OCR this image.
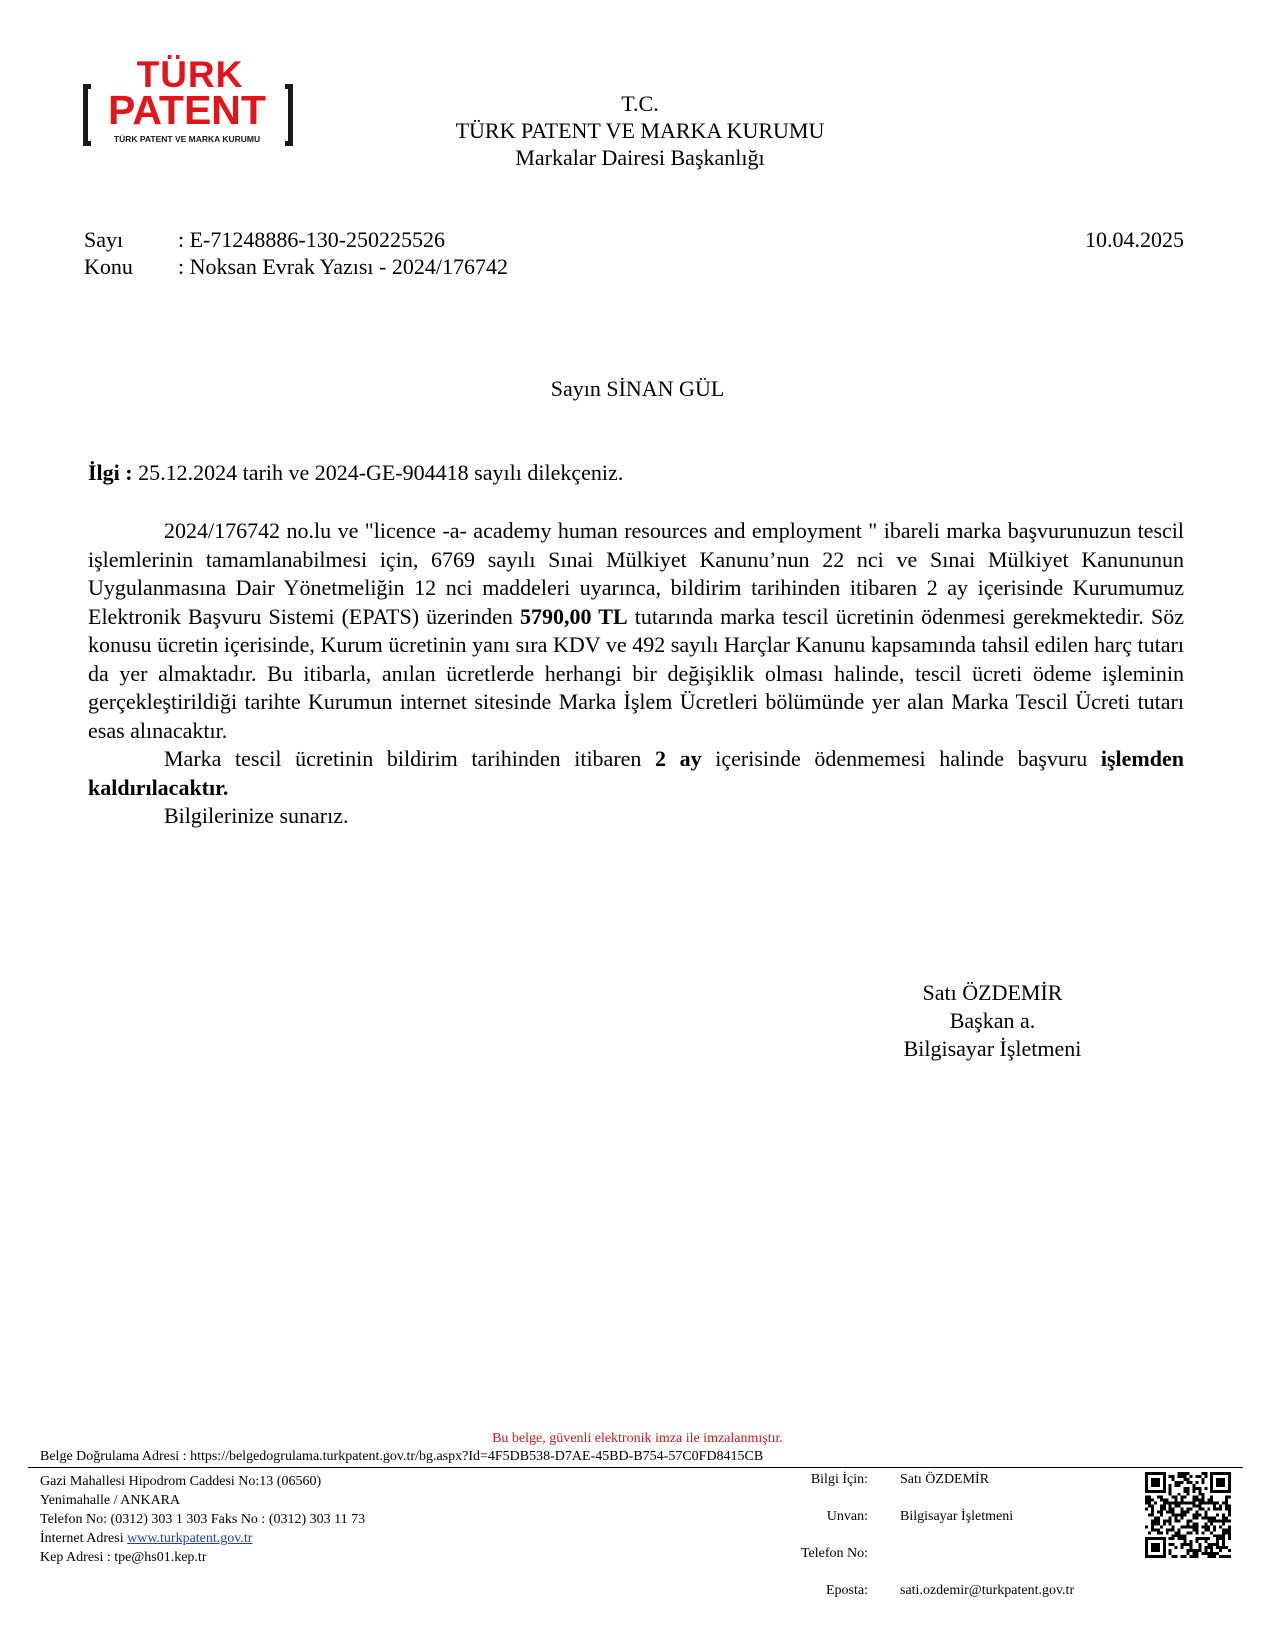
TÜRK
PATENT
TÜRK PATENT VE MARKA KURUMU
T.C.
TÜRK PATENT VE MARKA KURUMU
Markalar Dairesi Başkanlığı
Sayı : E-71248886-130-250225526
Konu : Noksan Evrak Yazısı - 2024/176742
10.04.2025
Sayın SİNAN GÜL
İlgi : 25.12.2024 tarih ve 2024-GE-904418 sayılı dilekçeniz.

2024/176742 no.lu ve "licence -a- academy human resources and employment " ibareli marka başvurunuzun tescil işlemlerinin tamamlanabilmesi için, 6769 sayılı Sınai Mülkiyet Kanunu’nun 22 nci ve Sınai Mülkiyet Kanununun Uygulanmasına Dair Yönetmeliğin 12 nci maddeleri uyarınca, bildirim tarihinden itibaren 2 ay içerisinde Kurumumuz Elektronik Başvuru Sistemi (EPATS) üzerinden 5790,00 TL tutarında marka tescil ücretinin ödenmesi gerekmektedir. Söz konusu ücretin içerisinde, Kurum ücretinin yanı sıra KDV ve 492 sayılı Harçlar Kanunu kapsamında tahsil edilen harç tutarı da yer almaktadır. Bu itibarla, anılan ücretlerde herhangi bir değişiklik olması halinde, tescil ücreti ödeme işleminin gerçekleştirildiği tarihte Kurumun internet sitesinde Marka İşlem Ücretleri bölümünde yer alan Marka Tescil Ücreti tutarı esas alınacaktır.

Marka tescil ücretinin bildirim tarihinden itibaren 2 ay içerisinde ödenmemesi halinde başvuru işlemden kaldırılacaktır.

Bilgilerinize sunarız.

Satı ÖZDEMİR
Başkan a.
Bilgisayar İşletmeni
Bu belge, güvenli elektronik imza ile imzalanmıştır.
Belge Doğrulama Adresi : https://belgedogrulama.turkpatent.gov.tr/bg.aspx?Id=4F5DB538-D7AE-45BD-B754-57C0FD8415CB
Gazi Mahallesi Hipodrom Caddesi No:13 (06560)
Yenimahalle / ANKARA
Telefon No: (0312) 303 1 303 Faks No : (0312) 303 11 73
İnternet Adresi www.turkpatent.gov.tr
Kep Adresi : tpe@hs01.kep.tr
Bilgi İçin: Satı ÖZDEMİR
Unvan: Bilgisayar İşletmeni
Telefon No:
Eposta: sati.ozdemir@turkpatent.gov.tr
